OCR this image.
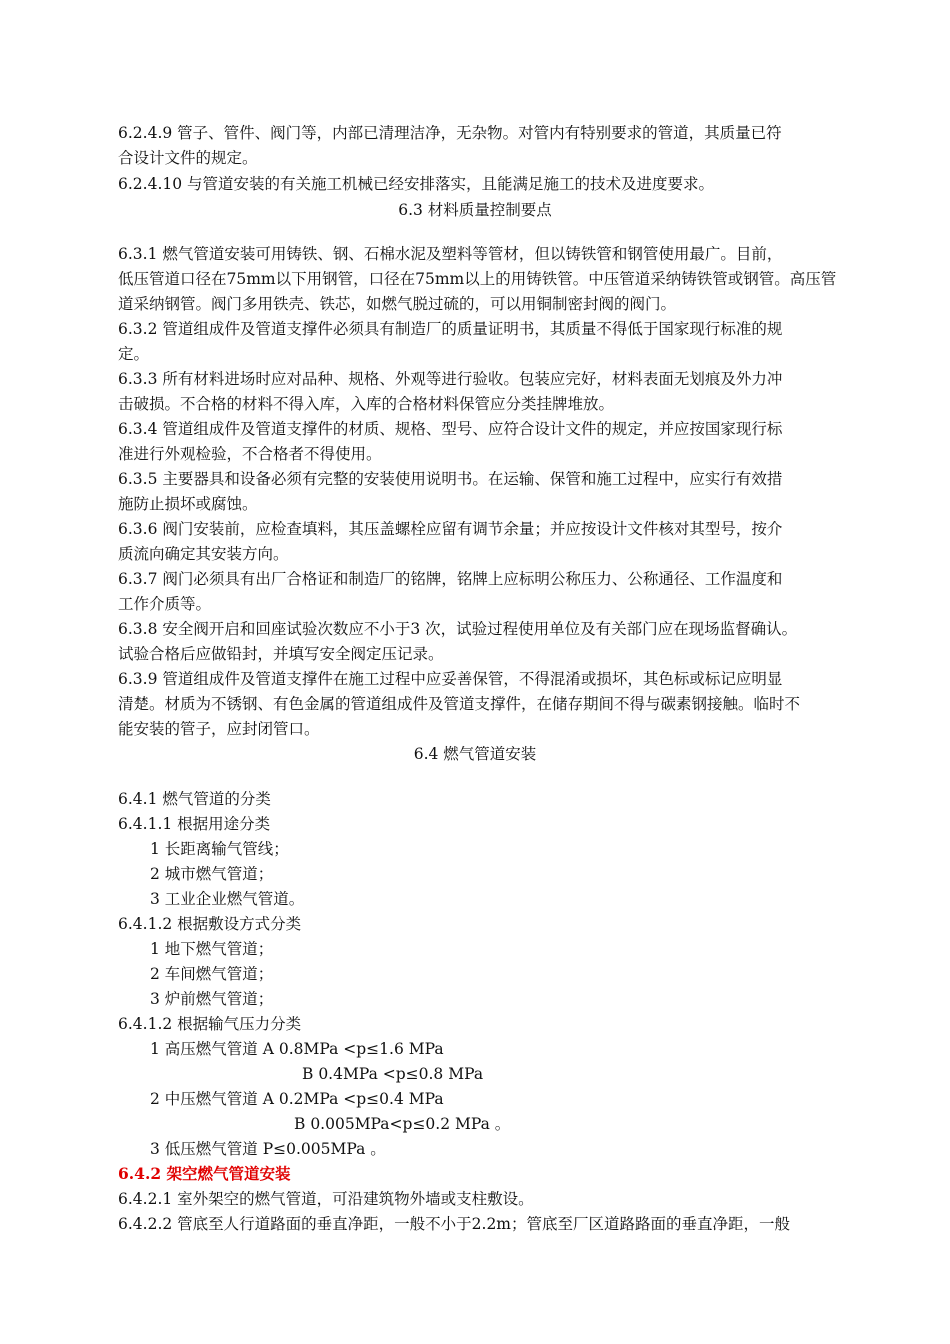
6.2.4.9 管子、管件、阀门等，内部已清理洁净，无杂物。对管内有特别要求的管道，其质量已符
合设计文件的规定。
6.2.4.10 与管道安装的有关施工机械已经安排落实，且能满足施工的技术及进度要求。
6.3 材料质量控制要点
6.3.1 燃气管道安装可用铸铁、钢、石棉水泥及塑料等管材，但以铸铁管和钢管使用最广。目前，
低压管道口径在75mm以下用钢管，口径在75mm以上的用铸铁管。中压管道采纳铸铁管或钢管。高压管
道采纳钢管。阀门多用铁壳、铁芯，如燃气脱过硫的，可以用铜制密封阀的阀门。
6.3.2 管道组成件及管道支撑件必须具有制造厂的质量证明书，其质量不得低于国家现行标准的规
定。
6.3.3 所有材料进场时应对品种、规格、外观等进行验收。包装应完好，材料表面无划痕及外力冲
击破损。不合格的材料不得入库，入库的合格材料保管应分类挂牌堆放。
6.3.4 管道组成件及管道支撑件的材质、规格、型号、应符合设计文件的规定，并应按国家现行标
准进行外观检验，不合格者不得使用。
6.3.5 主要器具和设备必须有完整的安装使用说明书。在运输、保管和施工过程中，应实行有效措
施防止损坏或腐蚀。
6.3.6 阀门安装前，应检查填料，其压盖螺栓应留有调节余量；并应按设计文件核对其型号，按介
质流向确定其安装方向。
6.3.7 阀门必须具有出厂合格证和制造厂的铭牌，铭牌上应标明公称压力、公称通径、工作温度和
工作介质等。
6.3.8 安全阀开启和回座试验次数应不小于3 次，试验过程使用单位及有关部门应在现场监督确认。
试验合格后应做铅封，并填写安全阀定压记录。
6.3.9 管道组成件及管道支撑件在施工过程中应妥善保管，不得混淆或损坏，其色标或标记应明显
清楚。材质为不锈钢、有色金属的管道组成件及管道支撑件，在储存期间不得与碳素钢接触。临时不
能安装的管子，应封闭管口。
6.4 燃气管道安装
6.4.1 燃气管道的分类
6.4.1.1 根据用途分类
1 长距离输气管线；
2 城市燃气管道；
3 工业企业燃气管道。
6.4.1.2 根据敷设方式分类
1 地下燃气管道；
2 车间燃气管道；
3 炉前燃气管道；
6.4.1.2 根据输气压力分类
1 高压燃气管道 A 0.8MPa <p≤1.6 MPa
B 0.4MPa <p≤0.8 MPa
2 中压燃气管道 A 0.2MPa <p≤0.4 MPa
B 0.005MPa<p≤0.2 MPa 。
3 低压燃气管道 P≤0.005MPa 。
6.4.2 架空燃气管道安装
6.4.2.1 室外架空的燃气管道，可沿建筑物外墙或支柱敷设。
6.4.2.2 管底至人行道路面的垂直净距，一般不小于2.2m；管底至厂区道路路面的垂直净距，一般
